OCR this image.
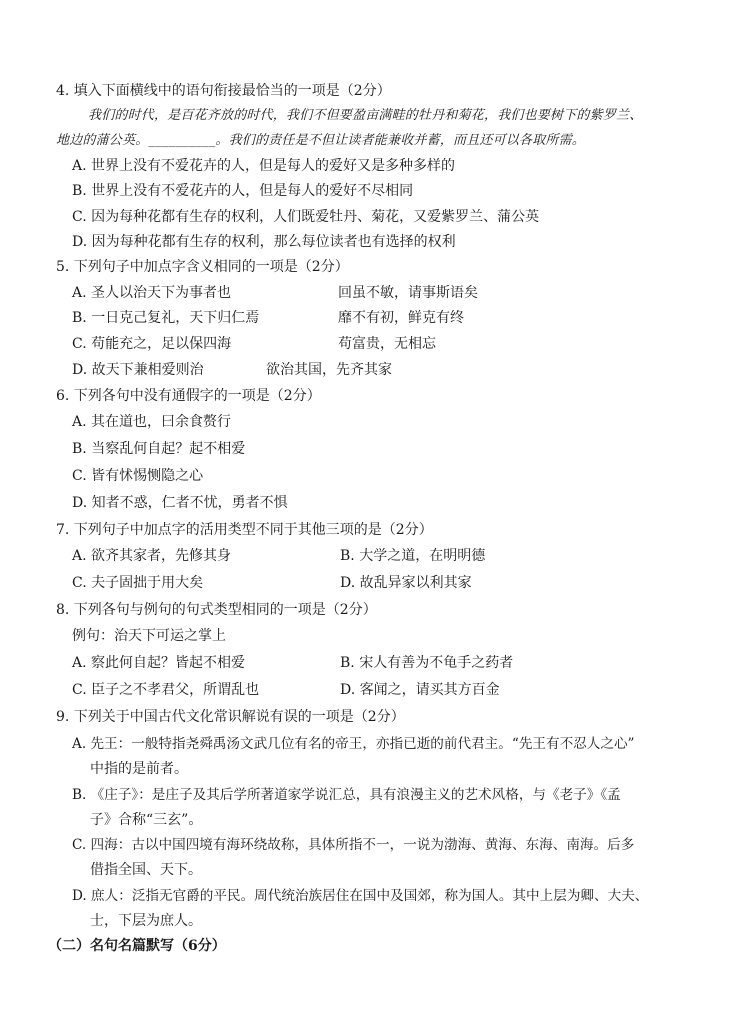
4. 填入下面横线中的语句衔接最恰当的一项是（2分）
我们的时代，是百花齐放的时代，我们不但要盈亩满畦的牡丹和菊花，我们也要树下的紫罗兰、
地边的蒲公英。__________。我们的责任是不但让读者能兼收并蓄，而且还可以各取所需。
A. 世界上没有不爱花卉的人，但是每人的爱好又是多种多样的
B. 世界上没有不爱花卉的人，但是每人的爱好不尽相同
C. 因为每种花都有生存的权利，人们既爱牡丹、菊花，又爱紫罗兰、蒲公英
D. 因为每种花都有生存的权利，那么每位读者也有选择的权利
5. 下列句子中加点字含义相同的一项是（2分）
A. 圣人以治天下为事者也	回虽不敏，请事斯语矣
B. 一日克己复礼，天下归仁焉	靡不有初，鲜克有终
C. 苟能充之，足以保四海	苟富贵，无相忘
D. 故天下兼相爱则治	欲治其国，先齐其家
6. 下列各句中没有通假字的一项是（2分）
A. 其在道也，曰余食赘行
B. 当察乱何自起？起不相爱
C. 皆有怵惕恻隐之心
D. 知者不惑，仁者不忧，勇者不惧
7. 下列句子中加点字的活用类型不同于其他三项的是（2分）
A. 欲齐其家者，先修其身	B. 大学之道，在明明德
C. 夫子固拙于用大矣	D. 故乱异家以利其家
8. 下列各句与例句的句式类型相同的一项是（2分）
例句：治天下可运之掌上
A. 察此何自起？皆起不相爱	B. 宋人有善为不龟手之药者
C. 臣子之不孝君父，所谓乱也	D. 客闻之，请买其方百金
9. 下列关于中国古代文化常识解说有误的一项是（2分）
A. 先王：一般特指尧舜禹汤文武几位有名的帝王，亦指已逝的前代君主。“先王有不忍人之心”
中指的是前者。
B. 《庄子》：是庄子及其后学所著道家学说汇总，具有浪漫主义的艺术风格，与《老子》《孟
子》合称“三玄”。
C. 四海：古以中国四境有海环绕故称，具体所指不一，一说为渤海、黄海、东海、南海。后多
借指全国、天下。
D. 庶人：泛指无官爵的平民。周代统治族居住在国中及国郊，称为国人。其中上层为卿、大夫、
士，下层为庶人。
（二）名句名篇默写（6分）
